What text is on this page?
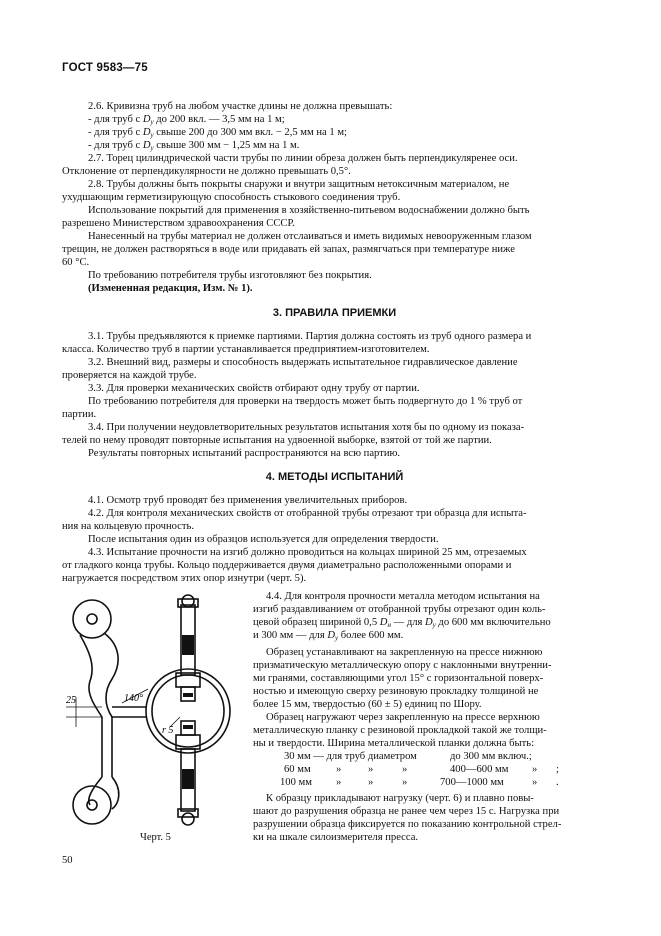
ГОСТ 9583—75
2.6. Кривизна труб на любом участке длины не должна превышать:
- для труб с $D_у$ до 200 вкл. — 3,5 мм на 1 м;
- для труб с $D_у$ свыше 200 до 300 мм вкл. − 2,5 мм на 1 м;
- для труб с $D_у$ свыше 300 мм − 1,25 мм на 1 м.
2.7. Торец цилиндрической части трубы по линии обреза должен быть перпендикуляренее оси.
Отклонение от перпендикулярности не должно превышать 0,5°.
2.8. Трубы должны быть покрыты снаружи и внутри защитным нетоксичным материалом, не
ухудшающим герметизирующую способность стыкового соединения труб.
Использование покрытий для применения в хозяйственно-питьевом водоснабжении должно быть
разрешено Министерством здравоохранения СССР.
Нанесенный на трубы материал не должен отслаиваться и иметь видимых невооруженным глазом
трещин, не должен растворяться в воде или придавать ей запах, размягчаться при температуре ниже
60 °С.
По требованию потребителя трубы изготовляют без покрытия.
(Измененная редакция, Изм. № 1).
3. ПРАВИЛА ПРИЕМКИ
3.1. Трубы предъявляются к приемке партиями. Партия должна состоять из труб одного размера и
класса. Количество труб в партии устанавливается предприятием-изготовителем.
3.2. Внешний вид, размеры и способность выдержать испытательное гидравлическое давление
проверяется на каждой трубе.
3.3. Для проверки механических свойств отбирают одну трубу от партии.
По требованию потребителя для проверки на твердость может быть подвергнуто до 1 % труб от
партии.
3.4. При получении неудовлетворительных результатов испытания хотя бы по одному из показа-
телей по нему проводят повторные испытания на удвоенной выборке, взятой от той же партии.
Результаты повторных испытаний распространяются на всю партию.
4. МЕТОДЫ ИСПЫТАНИЙ
4.1. Осмотр труб проводят без применения увеличительных приборов.
4.2. Для контроля механических свойств от отобранной трубы отрезают три образца для испыта-
ния на кольцевую прочность.
После испытания один из образцов используется для определения твердости.
4.3. Испытание прочности на изгиб должно проводиться на кольцах шириной 25 мм, отрезаемых
от гладкого конца трубы. Кольцо поддерживается двумя диаметрально расположенными опорами и
нагружается посредством этих опор изнутри (черт. 5).
4.4. Для контроля прочности металла методом испытания на
изгиб раздавливанием от отобранной трубы отрезают один коль-
цевой образец шириной 0,5 $D_н$ — для $D_у$ до 600 мм включительно
и 300 мм — для $D_у$ более 600 мм.
Образец устанавливают на закрепленную на прессе нижнюю
призматическую металлическую опору с наклонными внутренни-
ми гранями, составляющими угол 15° с горизонтальной поверх-
ностью и имеющую сверху резиновую прокладку толщиной не
более 15 мм, твердостью (60 ± 5) единиц по Шору.
Образец нагружают через закрепленную на прессе верхнюю
металлическую планку с резиновой прокладкой такой же толщи-
ны и твердости. Ширина металлической планки должна быть:
30 мм — для труб диаметром	до 300 мм включ.;
60 мм »	»	»	400—600 мм » ;
100 мм »	»	»	700—1000 мм	» .
К образцу прикладывают нагрузку (черт. 6) и плавно повы-
шают до разрушения образца не ранее чем через 15 с. Нагрузка при
разрушении образца фиксируется по показанию контрольной стрел-
ки на шкале силоизмерителя пресса.
25	140°
r 5
Черт. 5
50
